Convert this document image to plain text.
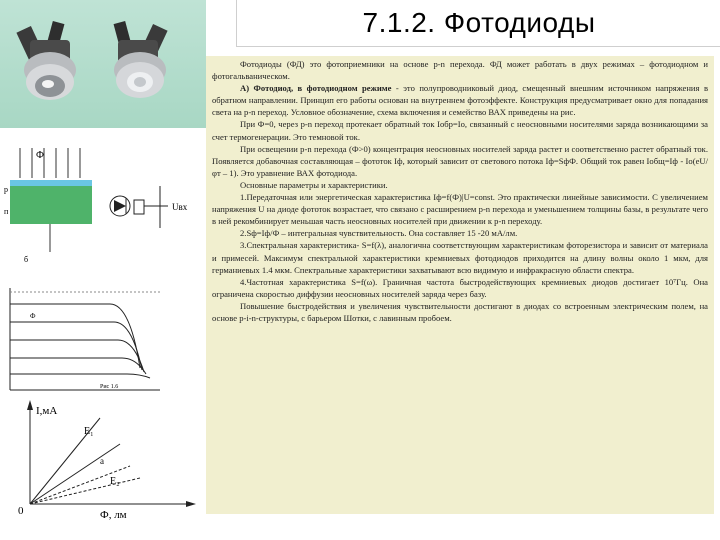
7.1.2. Фотодиоды
Ф
р
п
б
Uвх
Ф
Рис 1.6
I,мА
E₁
a
E₂
0	Ф, лм

Фотодиоды (ФД) это фотоприемники на основе p-n перехода. ФД может работать в двух режимах – фотодиодном и фотогальваническом.

А) Фотодиод, в фотодиодном режиме - это полупроводниковый диод, смещенный внешним источником напряжения в обратном направлении. Принцип его работы основан на внутреннем фотоэффекте. Конструкция предусматривает окно для попадания света на р-n переход. Условное обозначение, схема включения и семейство ВАХ приведены на рис.

При Ф=0, через р-n переход протекает обратный ток Iобр=Io, связанный с неосновными носителями заряда возникающими за счет термогенерации. Это темновой ток.

При освещении р-n перехода (Ф>0) концентрация неосновных носителей заряда растет и соответственно растет обратный ток. Появляется добавочная составляющая – фототок Iф, который зависит от светового потока Iф=SфФ. Общий ток равен Iобщ=Iф - Io(eU/φт – 1). Это уравнение ВАХ фотодиода.

Основные параметры и характеристики.

1.Передаточная или энергетическая характеристика Iф=f(Ф)|U=const. Это практически линейные зависимости. С увеличением напряжения U на диоде фототок возрастает, что связано с расширением р-n перехода и уменьшением толщины базы, в результате чего в ней рекомбинирует меньшая часть неосновных носителей при движении к р-n переходу.

2.Sф=Iф/Ф – интегральная чувствительность. Она составляет 15 -20 мА/лм.

3.Спектральная характеристика- S=f(λ), аналогична соответствующим характеристикам фоторезистора и зависит от материала и примесей. Максимум спектральной характеристики кремниевых фотодиодов приходится на длину волны около 1 мкм, для германиевых 1.4 мкм. Спектральные характеристики захватывают всю видимую и инфракрасную области спектра.

4.Частотная характеристика S=f(ω). Граничная частота быстродействующих кремниевых диодов достигает 10⁷Гц. Она ограничена скоростью диффузии неосновных носителей заряда через базу.

Повышение быстродействия и увеличения чувствительности достигают в диодах со встроенным электрическим полем, на основе p-i-n-структуры, с барьером Шотки, с лавинным пробоем.
